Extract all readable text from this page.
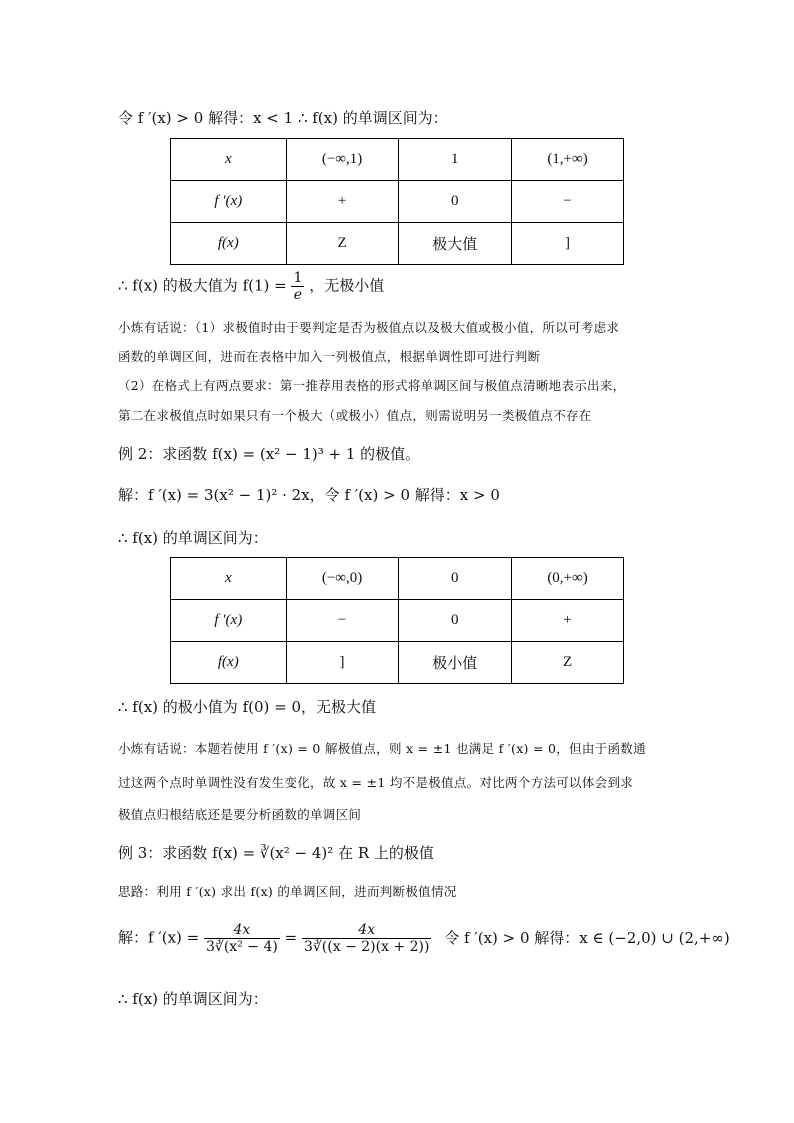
令 f ′(x) > 0 解得：x < 1 ∴ f(x) 的单调区间为：
x	(−∞,1)	1	(1,+∞)
f ′(x)	+	0	−
f(x)	Z	极大值	]
∴ f(x) 的极大值为 $f(1) = \frac{1}{e}$ ，无极小值
小炼有话说：（1）求极值时由于要判定是否为极值点以及极大值或极小值，所以可考虑求
函数的单调区间，进而在表格中加入一列极值点，根据单调性即可进行判断
（2）在格式上有两点要求：第一推荐用表格的形式将单调区间与极值点清晰地表示出来，
第二在求极值点时如果只有一个极大（或极小）值点，则需说明另一类极值点不存在
例 2：求函数 f(x) = (x² − 1)³ + 1 的极值。
解：f ′(x) = 3(x² − 1)² · 2x，令 f ′(x) > 0 解得：x > 0
∴ f(x) 的单调区间为：
x	(−∞,0)	0	(0,+∞)
f ′(x)	−	0	+
f(x)	]	极小值	Z
∴ f(x) 的极小值为 f(0) = 0，无极大值
小炼有话说：本题若使用 f ′(x) = 0 解极值点，则 x = ±1 也满足 f ′(x) = 0，但由于函数通
过这两个点时单调性没有发生变化，故 x = ±1 均不是极值点。对比两个方法可以体会到求
极值点归根结底还是要分析函数的单调区间
例 3：求函数 f(x) = ∛(x² − 4)² 在 R 上的极值
思路：利用 f ′(x) 求出 f(x) 的单调区间，进而判断极值情况
解：f $'(x) = \frac{4x}{\text{3∛(x² − 4)}} = \frac{4x}{3∛((x - 2)(x + 2))}$ 令 f ′(x) > 0 解得：x ∈ (−2,0) ∪ (2,+∞)
∴ f(x) 的单调区间为：
